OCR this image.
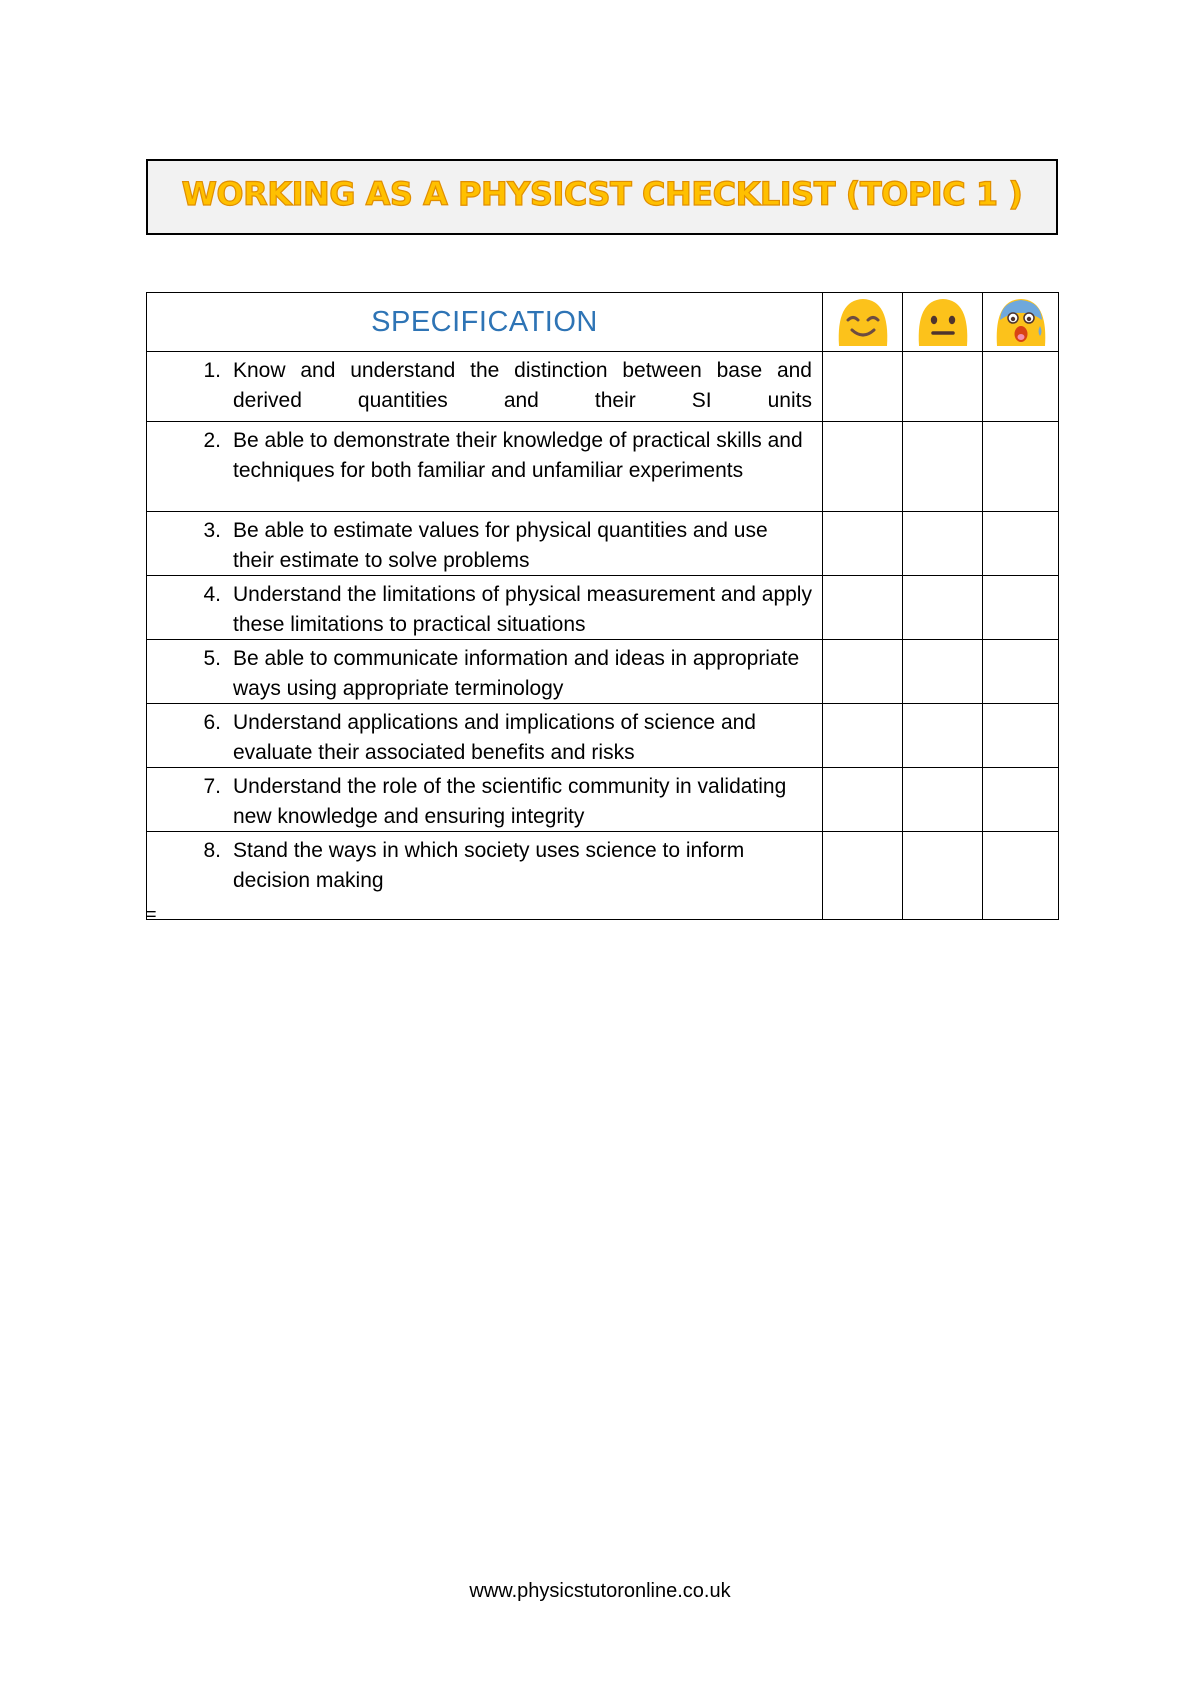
WORKING AS A PHYSICST CHECKLIST (TOPIC 1 )
SPECIFICATION	

1. Know and understand the distinction between base and derived quantities and their SI units			

2. Be able to demonstrate their knowledge of practical skills and techniques for both familiar and unfamiliar experiments			

3. Be able to estimate values for physical quantities and use their estimate to solve problems			

4. Understand the limitations of physical measurement and apply these limitations to practical situations			

5. Be able to communicate information and ideas in appropriate ways using appropriate terminology			

6. Understand applications and implications of science and evaluate their associated benefits and risks			

7. Understand the role of the scientific community in validating new knowledge and ensuring integrity			

8. Stand the ways in which society uses science to inform decision making			

=
www.physicstutoronline.co.uk
